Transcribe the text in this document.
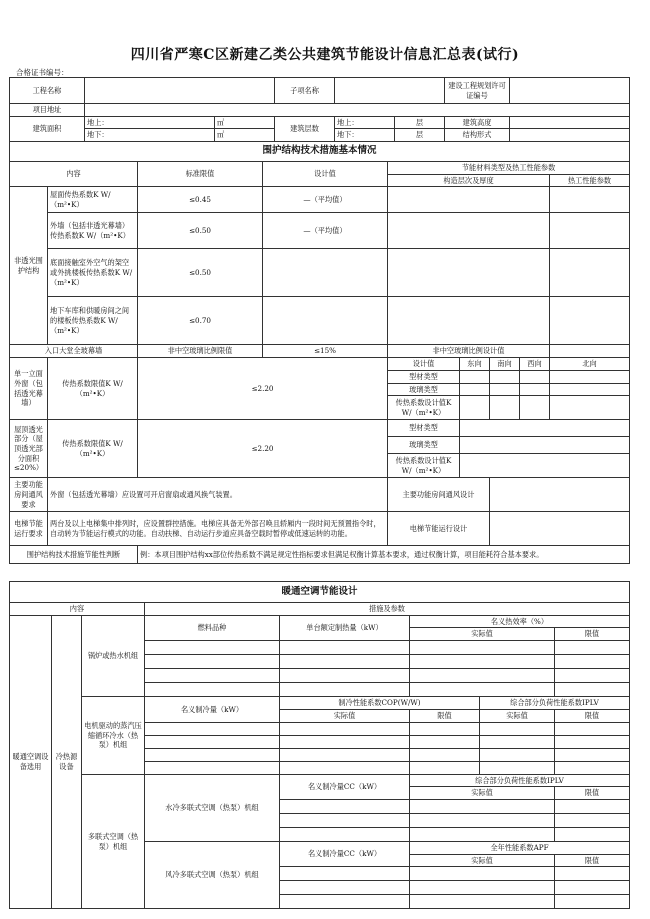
四川省严寒C区新建乙类公共建筑节能设计信息汇总表(试行)
合格证书编号：
工程名称			子项名称			建设工程规划许可证编号	
项目地址							
建筑面积	地上：	㎡	建筑层数	地上：	层	建筑高度	
	地下：	㎡		地下：	层	结构形式	
围护结构技术措施基本情况								
内容		标准限值	设计值	节能材料类型及热工性能参数				
				构造层次及厚度				热工性能参数
非透光围护结构	屋面传热系数K W/（m²•K）	≤0.45	—（平均值）					
	外墙（包括非透光幕墙）传热系数K W/（m²•K）	≤0.50	—（平均值）					
	底面接触室外空气的架空或外挑楼板传热系数K W/（m²•K）	≤0.50						
	地下车库和供暖房间之间的楼板传热系数K W/（m²•K）	≤0.70						
入口大堂全玻幕墙		非中空玻璃比例限值	≤15%	非中空玻璃比例设计值				
单一立面外窗（包括透光幕墙）	传热系数限值K W/（m²•K）	≤2.20		设计值	东向	南向	西向	北向
				型材类型				
				玻璃类型				
				传热系数设计值K W/（m²•K）				
屋顶透光部分（屋顶透光部分面积≤20%）	传热系数限值K W/（m²•K）	≤2.20		型材类型				
				玻璃类型				
				传热系数设计值K W/（m²•K）				
主要功能房间通风要求	外窗（包括透光幕墙）应设置可开启窗扇或通风换气装置。			主要功能房间通风设计				
电梯节能运行要求	两台及以上电梯集中排列时，应设置群控措施。电梯应具备无外部召唤且轿厢内一段时间无预置指令时，自动转为节能运行模式的功能。自动扶梯、自动运行步道应具备空载时暂停或低速运转的功能。			电梯节能运行设计				
围护结构技术措施节能性判断		例：本项目围护结构xx部位传热系数不满足规定性指标要求但满足权衡计算基本要求，通过权衡计算，项目能耗符合基本要求。						
暖通空调节能设计							
内容			措施及参数				
暖通空调设备选用	冷热源设备	锅炉或热水机组	燃料品种	单台额定制热量（kW）	名义热效率（%）		
					实际值		限值

		电机驱动的蒸汽压缩循环冷水（热泵）机组	名义制冷量（kW）	制冷性能系数COP(W/W)		综合部分负荷性能系数IPLV	
				实际值	限值	实际值	限值

		多联式空调（热泵）机组	水冷多联式空调（热泵）机组	名义制冷量CC（kW）	综合部分负荷性能系数IPLV		
					实际值		限值

			风冷多联式空调（热泵）机组	名义制冷量CC（kW）	全年性能系数APF		
					实际值		限值
